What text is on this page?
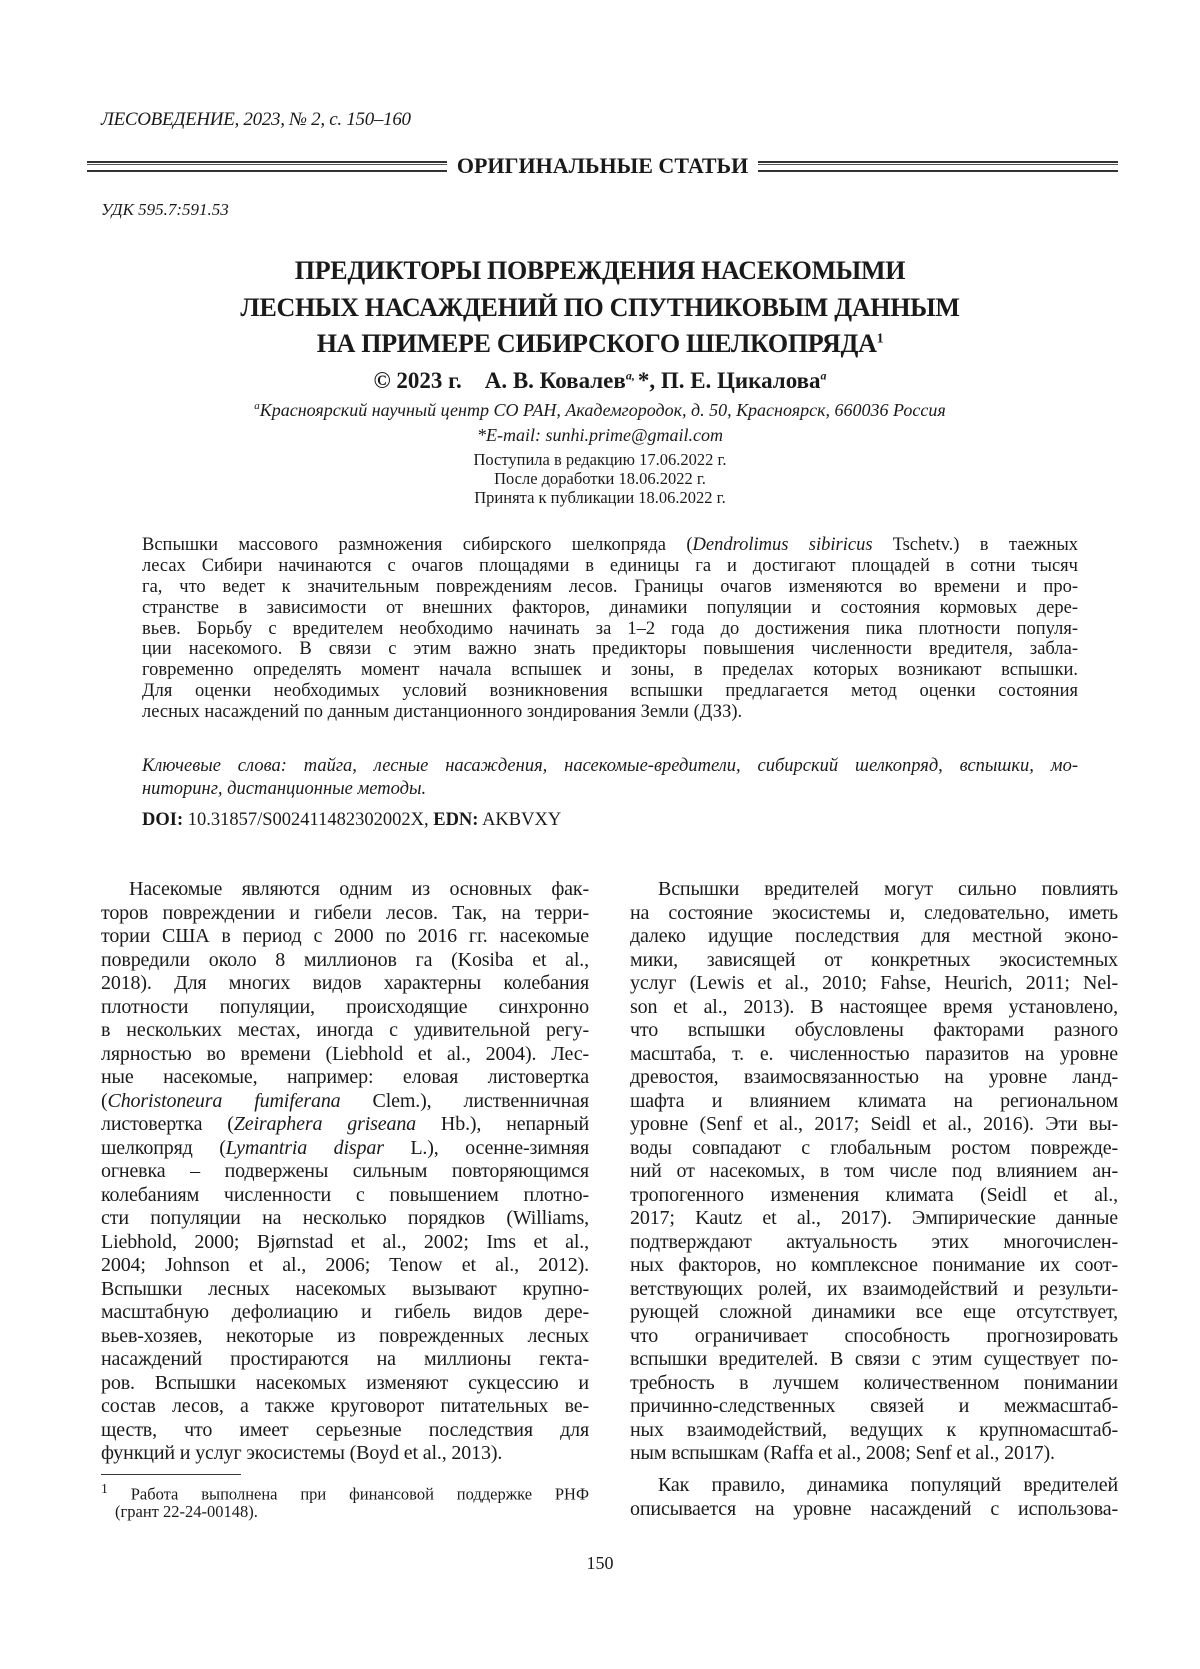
ЛЕСОВЕДЕНИЕ, 2023, № 2, с. 150–160
ОРИГИНАЛЬНЫЕ СТАТЬИ
УДК 595.7:591.53
ПРЕДИКТОРЫ ПОВРЕЖДЕНИЯ НАСЕКОМЫМИ
ЛЕСНЫХ НАСАЖДЕНИЙ ПО СПУТНИКОВЫМ ДАННЫМ
НА ПРИМЕРЕ СИБИРСКОГО ШЕЛКОПРЯДА1
© 2023 г. А. В. Ковалевa, *, П. Е. Цикаловаa
aКрасноярский научный центр СО РАН, Академгородок, д. 50, Красноярск, 660036 Россия
*E-mail: sunhi.prime@gmail.com
Поступила в редакцию 17.06.2022 г.
После доработки 18.06.2022 г.
Принята к публикации 18.06.2022 г.
Вспышки массового размножения сибирского шелкопряда (Dendrolimus sibiricus Tschetv.) в таежных
лесах Сибири начинаются с очагов площадями в единицы га и достигают площадей в сотни тысяч
га, что ведет к значительным повреждениям лесов. Границы очагов изменяются во времени и про-
странстве в зависимости от внешних факторов, динамики популяции и состояния кормовых дере-
вьев. Борьбу с вредителем необходимо начинать за 1–2 года до достижения пика плотности популя-
ции насекомого. В связи с этим важно знать предикторы повышения численности вредителя, забла-
говременно определять момент начала вспышек и зоны, в пределах которых возникают вспышки.
Для оценки необходимых условий возникновения вспышки предлагается метод оценки состояния
лесных насаждений по данным дистанционного зондирования Земли (ДЗЗ).
Ключевые слова: тайга, лесные насаждения, насекомые-вредители, сибирский шелкопряд, вспышки, мо-
ниторинг, дистанционные методы.
DOI: 10.31857/S002411482302002X, EDN: AKBVXY
Насекомые являются одним из основных фак-
торов повреждении и гибели лесов. Так, на терри-
тории США в период с 2000 по 2016 гг. насекомые
повредили около 8 миллионов га (Kosiba et al.,
2018). Для многих видов характерны колебания
плотности популяции, происходящие синхронно
в нескольких местах, иногда с удивительной регу-
лярностью во времени (Liebhold et al., 2004). Лес-
ные насекомые, например: еловая листовертка
(Choristoneura fumiferana Clem.), лиственничная
листовертка (Zeiraphera griseana Hb.), непарный
шелкопряд (Lymantria dispar L.), осенне-зимняя
огневка – подвержены сильным повторяющимся
колебаниям численности с повышением плотно-
сти популяции на несколько порядков (Williams,
Liebhold, 2000; Bjørnstad et al., 2002; Ims et al.,
2004; Johnson et al., 2006; Tenow et al., 2012).
Вспышки лесных насекомых вызывают крупно-
масштабную дефолиацию и гибель видов дере-
вьев-хозяев, некоторые из поврежденных лесных
насаждений простираются на миллионы гекта-
ров. Вспышки насекомых изменяют сукцессию и
состав лесов, а также круговорот питательных ве-
ществ, что имеет серьезные последствия для
функций и услуг экосистемы (Boyd et al., 2013).
Вспышки вредителей могут сильно повлиять
на состояние экосистемы и, следовательно, иметь
далеко идущие последствия для местной эконо-
мики, зависящей от конкретных экосистемных
услуг (Lewis et al., 2010; Fahse, Heurich, 2011; Nel-
son et al., 2013). В настоящее время установлено,
что вспышки обусловлены факторами разного
масштаба, т. е. численностью паразитов на уровне
древостоя, взаимосвязанностью на уровне ланд-
шафта и влиянием климата на региональном
уровне (Senf et al., 2017; Seidl et al., 2016). Эти вы-
воды совпадают с глобальным ростом поврежде-
ний от насекомых, в том числе под влиянием ан-
тропогенного изменения климата (Seidl et al.,
2017; Kautz et al., 2017). Эмпирические данные
подтверждают актуальность этих многочислен-
ных факторов, но комплексное понимание их соот-
ветствующих ролей, их взаимодействий и результи-
рующей сложной динамики все еще отсутствует,
что ограничивает способность прогнозировать
вспышки вредителей. В связи с этим существует по-
требность в лучшем количественном понимании
причинно-следственных связей и межмасштаб-
ных взаимодействий, ведущих к крупномасштаб-
ным вспышкам (Raffa et al., 2008; Senf et al., 2017).
Как правило, динамика популяций вредителей
описывается на уровне насаждений с использова-
1 Работа выполнена при финансовой поддержке РНФ
(грант 22-24-00148).
150
